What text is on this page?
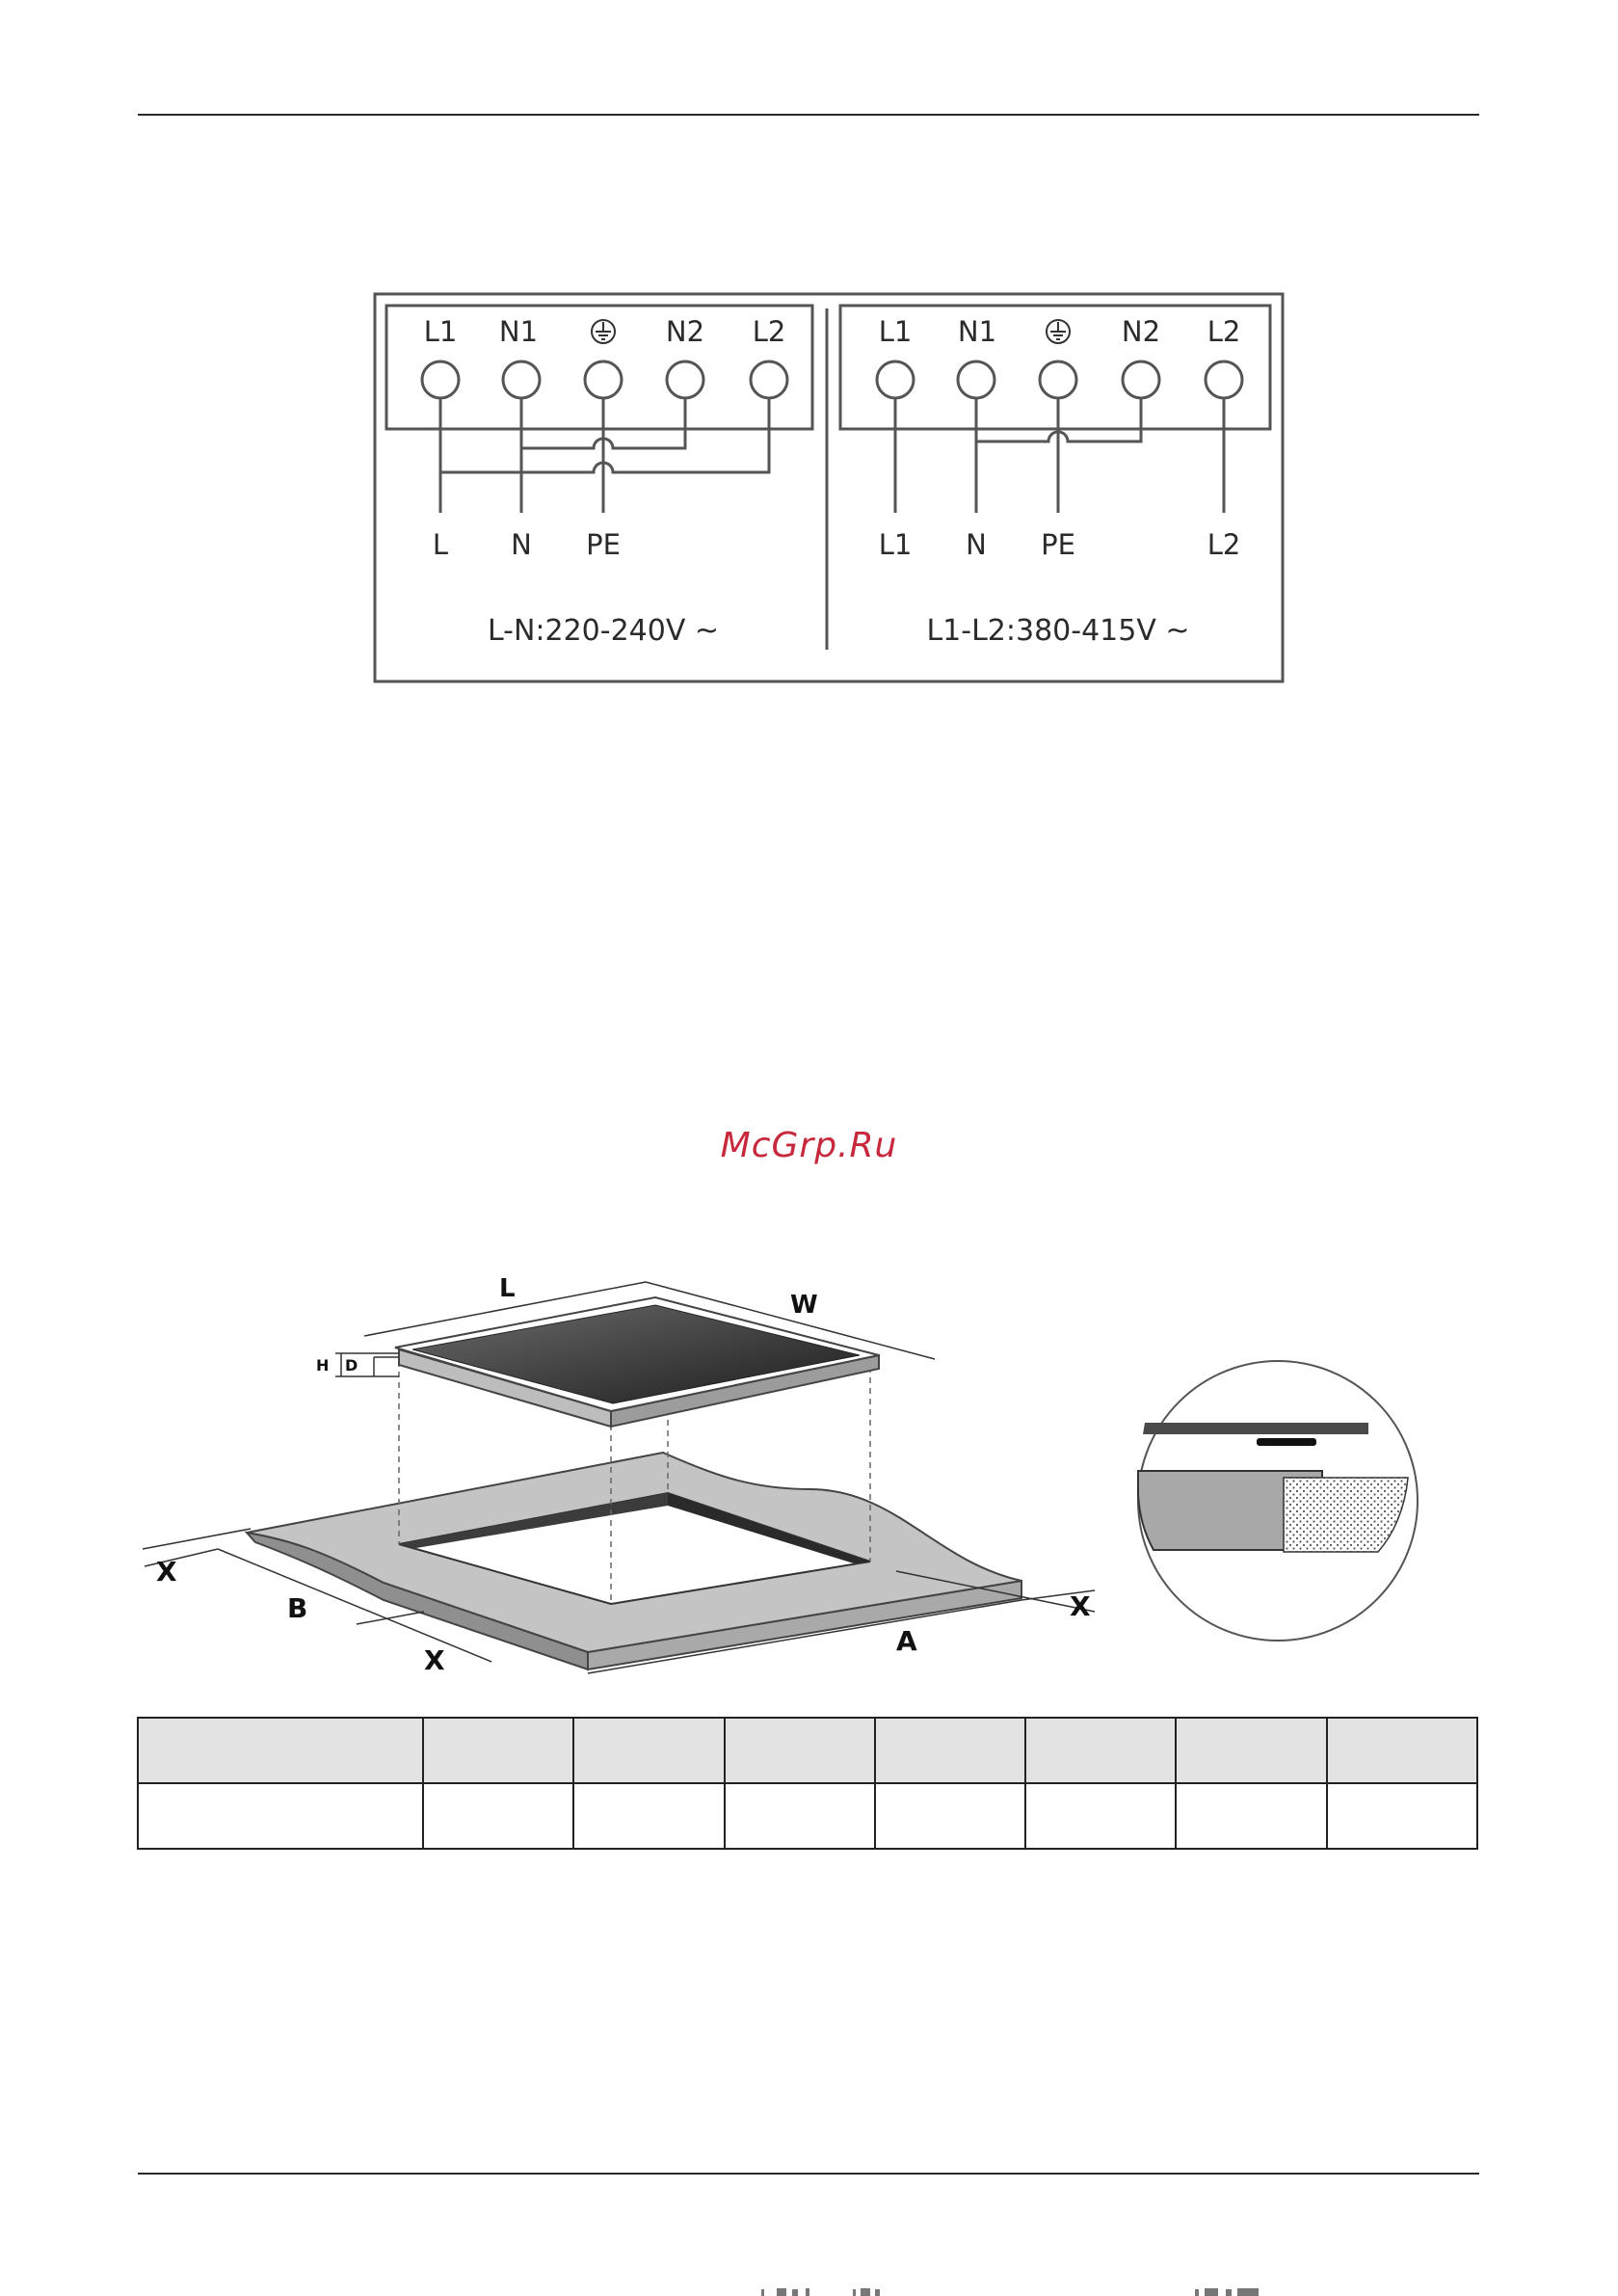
L1 N1	N2 L2
L N PE
L-N:220-240V ~
L1 N1	N2 L2
L1 N PE	L2
L1-L2:380-415V ~
McGrp.Ru
L
W
H D
X
B
X
A
X
